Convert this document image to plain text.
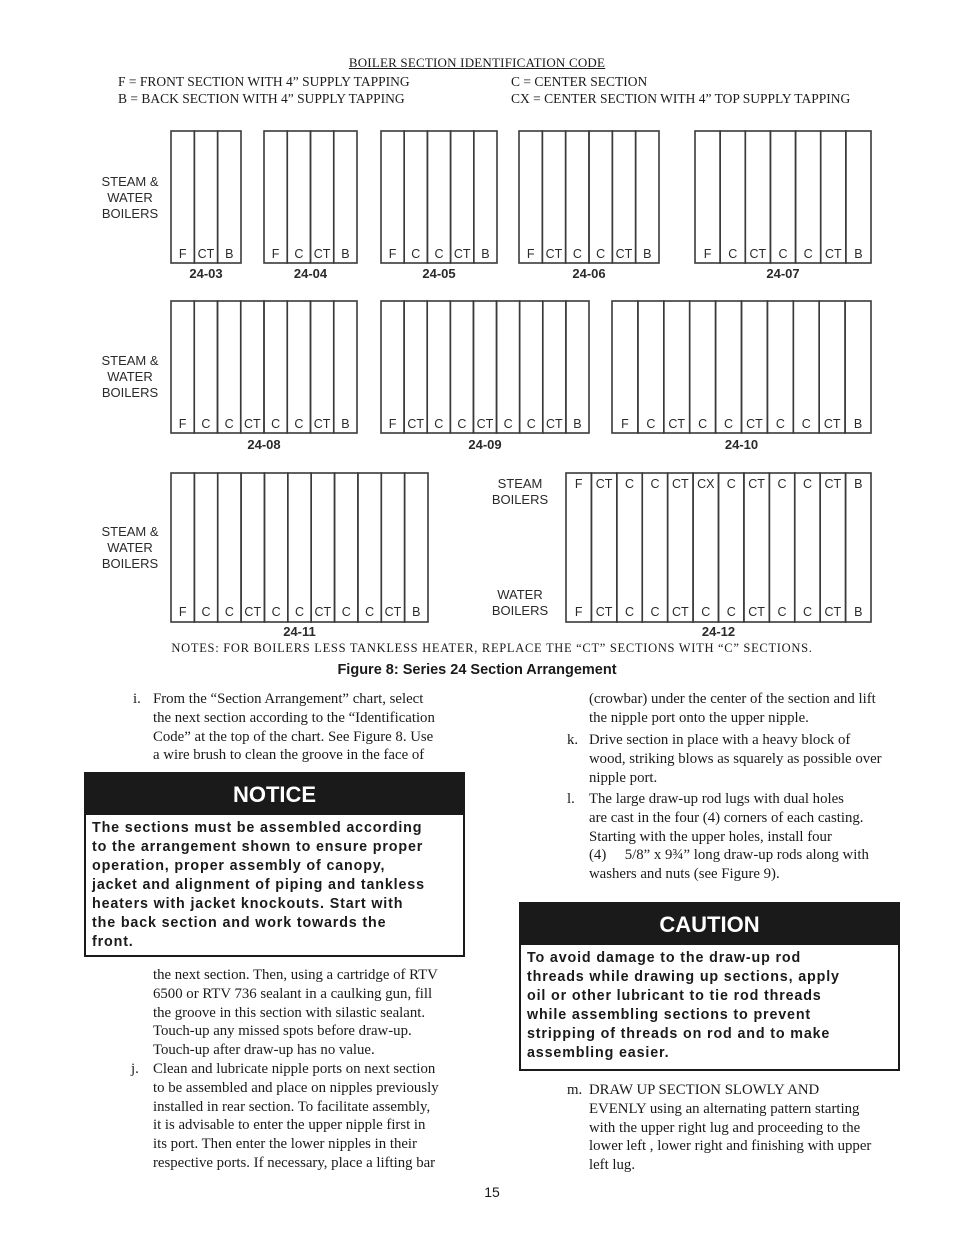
BOILER SECTION IDENTIFICATION CODE
F = FRONT SECTION WITH 4” SUPPLY TAPPING
B = BACK SECTION WITH 4” SUPPLY TAPPING
C = CENTER SECTION
CX = CENTER SECTION WITH 4” TOP SUPPLY TAPPING
F CT B
24-03
F C CT B
24-04
F C C CT B
24-05
F CT C C CT B
24-06
F C CT C C CT B
24-07
F C C CT C C CT B
24-08
F CT C C CT C C CT B
24-09
F C CT C C CT C C CT B
24-10
F C C CT C C CT C C CT B
24-11
F CT C C CT C C CT C C CT B
F CT C C CT CX C CT C C CT B
24-12
STEAM &
WATER
BOILERS
STEAM &
WATER
BOILERS
STEAM &
WATER
BOILERS
STEAM
BOILERS
WATER
BOILERS
NOTES: FOR BOILERS LESS TANKLESS HEATER, REPLACE THE “CT” SECTIONS WITH “C” SECTIONS.
Figure 8: Series 24 Section Arrangement
i. From the “Section Arrangement” chart, select
the next section according to the “Identification
Code” at the top of the chart. See Figure 8. Use
a wire brush to clean the groove in the face of
NOTICE
The sections must be assembled according
to the arrangement shown to ensure proper
operation, proper assembly of canopy,
jacket and alignment of piping and tankless
heaters with jacket knockouts. Start with
the back section and work towards the
front.
the next section. Then, using a cartridge of RTV
6500 or RTV 736 sealant in a caulking gun, fill
the groove in this section with silastic sealant.
Touch-up any missed spots before draw-up.
Touch-up after draw-up has no value.
j. Clean and lubricate nipple ports on next section
to be assembled and place on nipples previously
installed in rear section. To facilitate assembly,
it is advisable to enter the upper nipple first in
its port. Then enter the lower nipples in their
respective ports. If necessary, place a lifting bar
(crowbar) under the center of the section and lift
the nipple port onto the upper nipple.
k. Drive section in place with a heavy block of
wood, striking blows as squarely as possible over
nipple port.
l. The large draw-up rod lugs with dual holes
are cast in the four (4) corners of each casting.
Starting with the upper holes, install four
(4)     5/8” x 9¾” long draw-up rods along with
washers and nuts (see Figure 9).
CAUTION
To avoid damage to the draw-up rod
threads while drawing up sections, apply
oil or other lubricant to tie rod threads
while assembling sections to prevent
stripping of threads on rod and to make
assembling easier.
m. DRAW UP SECTION SLOWLY AND
EVENLY using an alternating pattern starting
with the upper right lug and proceeding to the
lower left , lower right and finishing with upper
left lug.
15
